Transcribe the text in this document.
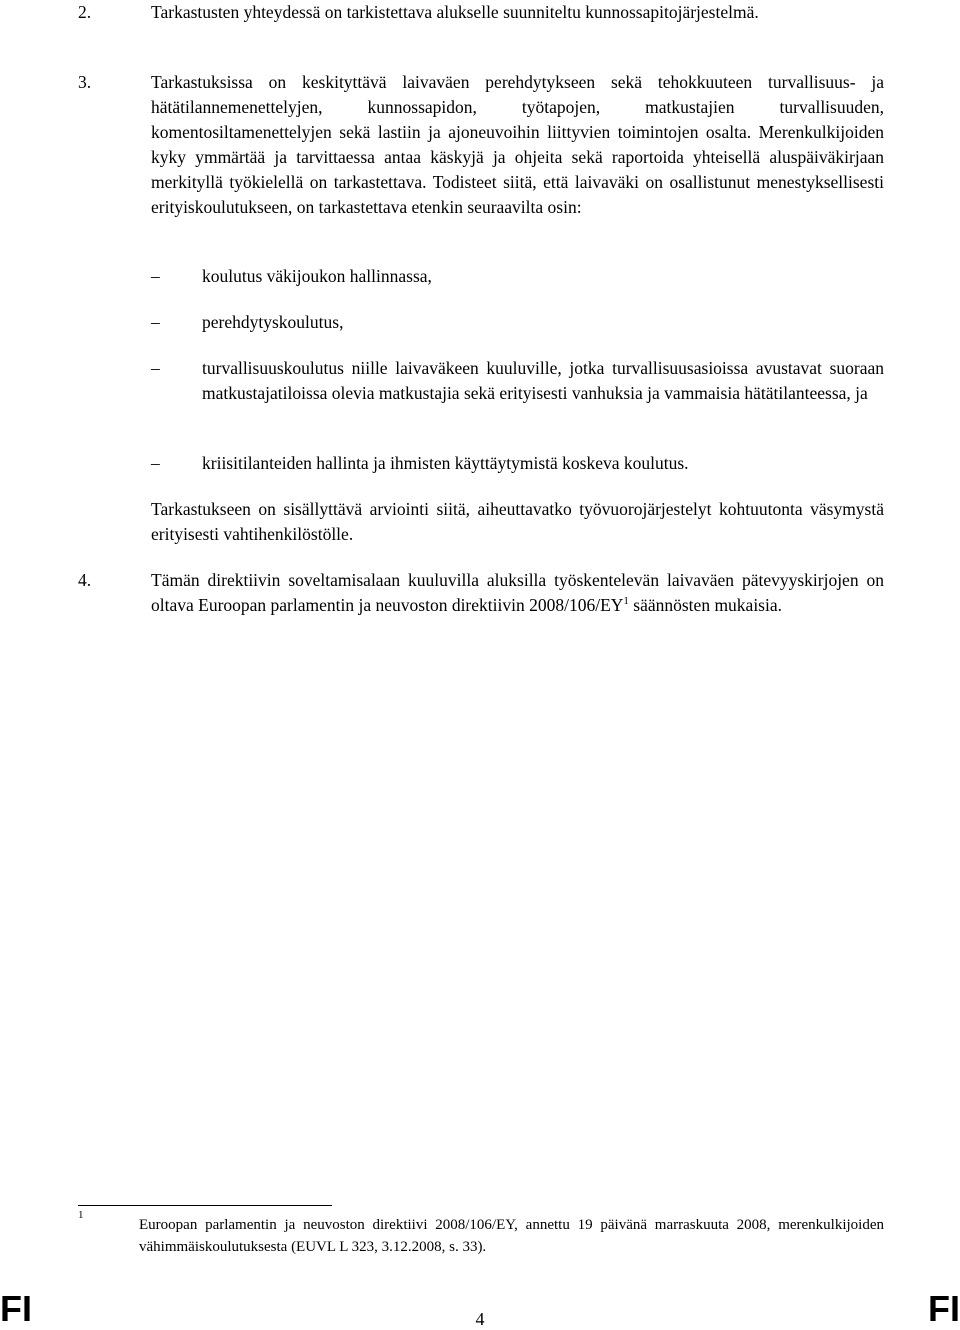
2.	Tarkastusten yhteydessä on tarkistettava alukselle suunniteltu kunnossapitojärjestelmä.

3.	Tarkastuksissa on keskityttävä laivaväen perehdytykseen sekä tehokkuuteen turvallisuus- ja hätätilannemenettelyjen, kunnossapidon, työtapojen, matkustajien turvallisuuden, komentosiltamenettelyjen sekä lastiin ja ajoneuvoihin liittyvien toimintojen osalta. Merenkulkijoiden kyky ymmärtää ja tarvittaessa antaa käskyjä ja ohjeita sekä raportoida yhteisellä aluspäiväkirjaan merkityllä työkielellä on tarkastettava. Todisteet siitä, että laivaväki on osallistunut menestyksellisesti erityiskoulutukseen, on tarkastettava etenkin seuraavilta osin:

– koulutus väkijoukon hallinnassa,
– perehdytyskoulutus,
– turvallisuuskoulutus niille laivaväkeen kuuluville, jotka turvallisuusasioissa avustavat suoraan matkustajatiloissa olevia matkustajia sekä erityisesti vanhuksia ja vammaisia hätätilanteessa, ja
– kriisitilanteiden hallinta ja ihmisten käyttäytymistä koskeva koulutus.

Tarkastukseen on sisällyttävä arviointi siitä, aiheuttavatko työvuorojärjestelyt kohtuutonta väsymystä erityisesti vahtihenkilöstölle.

4.	Tämän direktiivin soveltamisalaan kuuluvilla aluksilla työskentelevän laivaväen pätevyyskirjojen on oltava Euroopan parlamentin ja neuvoston direktiivin $2008/106/EY^1$ säännösten mukaisia.

1
Euroopan parlamentin ja neuvoston direktiivi 2008/106/EY, annettu 19 päivänä marraskuuta 2008, merenkulkijoiden vähimmäiskoulutuksesta (EUVL L 323, 3.12.2008, s. 33).
FI	4	FI
